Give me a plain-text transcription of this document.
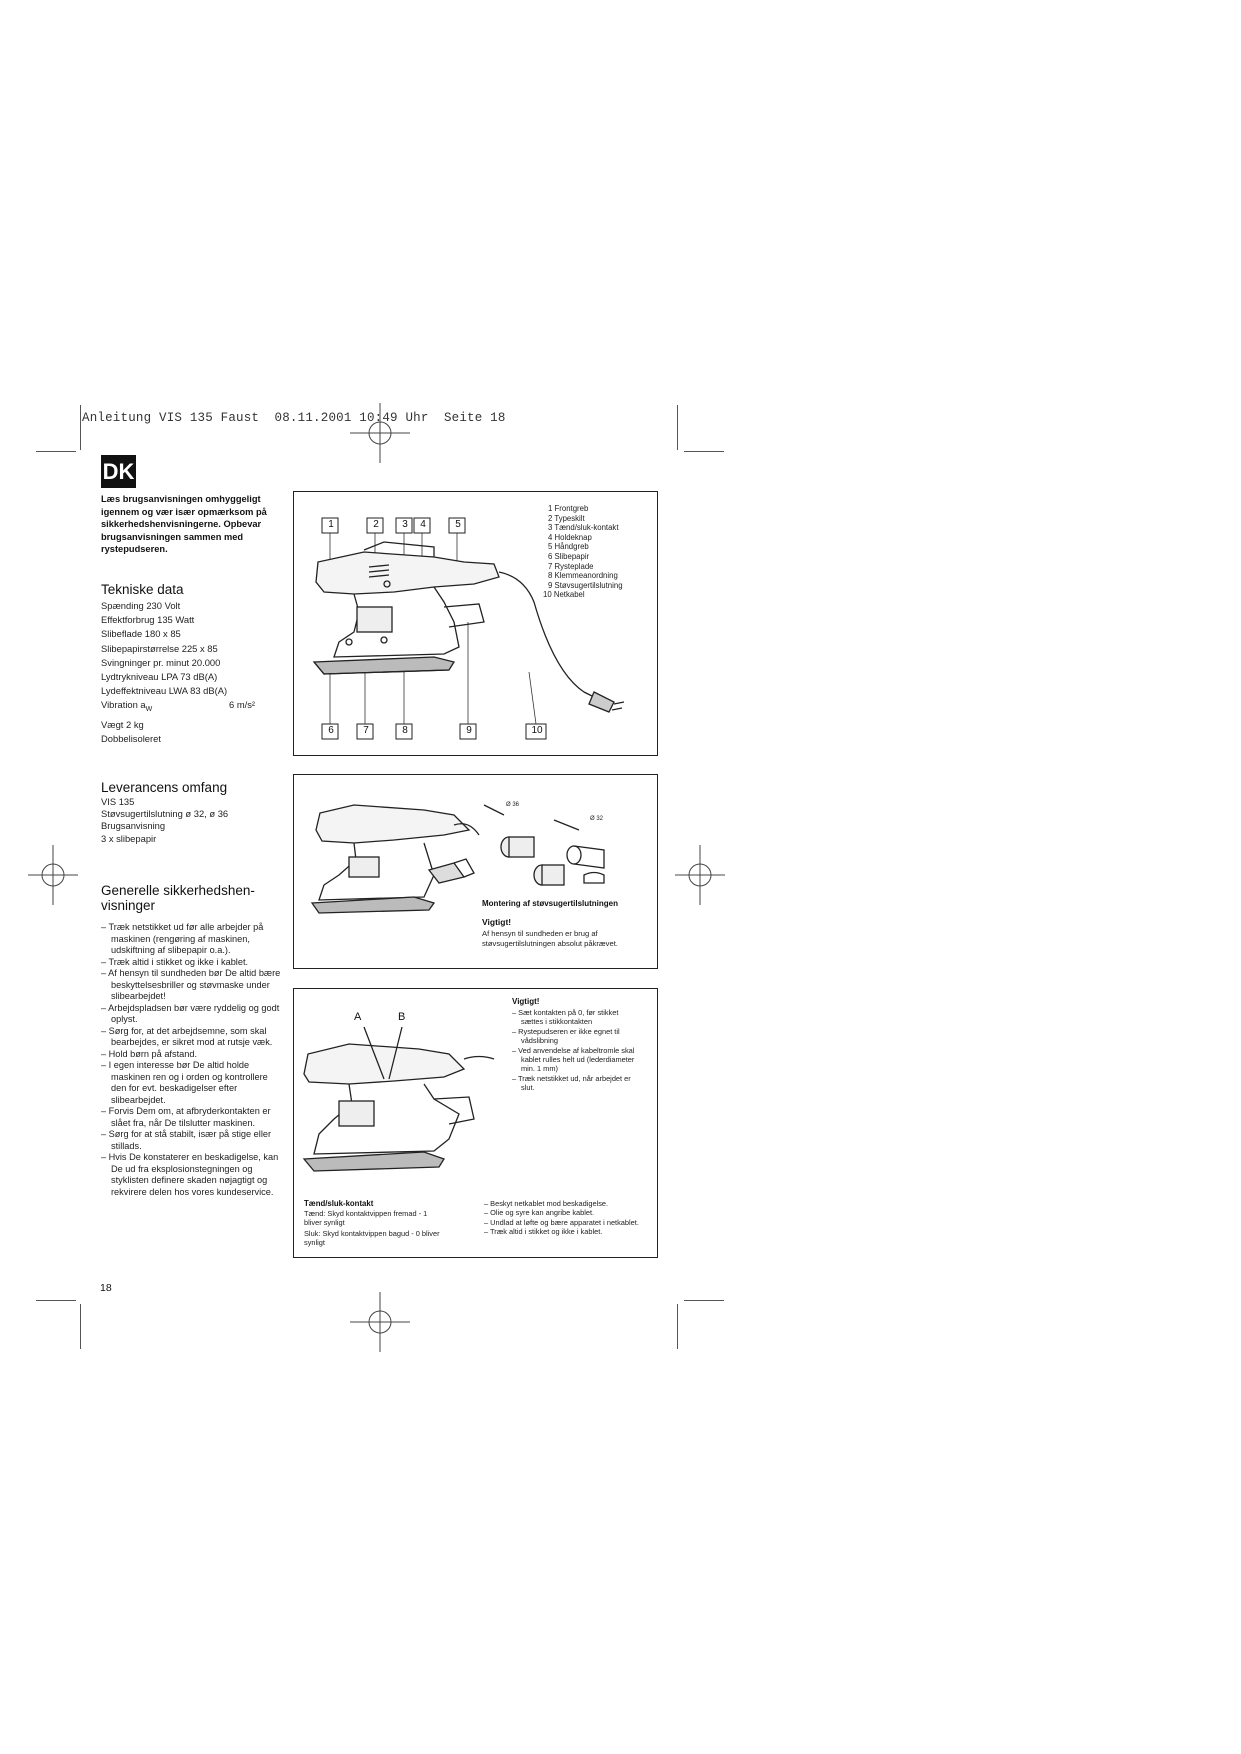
Anleitung VIS 135 Faust  08.11.2001 10:49 Uhr  Seite 18
DK
Læs brugsanvisningen omhyggeligt igennem og vær især opmærksom på sikkerhedshenvisningerne. Opbevar brugsanvisningen sammen med rystepudseren.
Tekniske data
Spænding 230 Volt
Effektforbrug 135 Watt
Slibeflade 180 x 85
Slibepapirstørrelse 225 x 85
Svingninger pr. minut 20.000
Lydtrykniveau LPA 73 dB(A)
Lydeffektniveau LWA 83 dB(A)
Vibration $a_W$	6 m/s²
Vægt 2 kg
Dobbelisoleret
Leverancens omfang
VIS 135
Støvsugertilslutning ø 32, ø 36
Brugsanvisning
3 x slibepapir
Generelle sikkerhedshen-
visninger
– Træk netstikket ud før alle arbejder på maskinen (rengøring af maskinen, udskiftning af slibepapir o.a.).
– Træk altid i stikket og ikke i kablet.
– Af hensyn til sundheden bør De altid bære beskyttelsesbriller og støvmaske under slibearbejdet!
– Arbejdspladsen bør være ryddelig og godt oplyst.
– Sørg for, at det arbejdsemne, som skal bearbejdes, er sikret mod at rutsje væk.
– Hold børn på afstand.
– I egen interesse bør De altid holde maskinen ren og i orden og kontrollere den for evt. beskadigelser efter slibearbejdet.
– Forvis Dem om, at afbryderkontakten er slået fra, når De tilslutter maskinen.
– Sørg for at stå stabilt, især på stige eller stillads.
– Hvis De konstaterer en beskadigelse, kan De ud fra eksplosionstegningen og styklisten definere skaden nøjagtigt og rekvirere delen hos vores kundeservice.
1	2	3	4	5
6	7	8	9	10
1 Frontgreb
2 Typeskilt
3 Tænd/sluk-kontakt
4 Holdeknap
5 Håndgreb
6 Slibepapir
7 Rysteplade
8 Klemmeanordning
9 Støvsugertilslutning
10 Netkabel
Ø 36
Ø 32
Montering af støvsugertilslutningen
Vigtigt!
Af hensyn til sundheden er brug af støvsugertilslutningen absolut påkrævet.
A	B
Vigtigt!
– Sæt kontakten på 0, før stikket sættes i stikkontakten
– Rystepudseren er ikke egnet til vådslibning
– Ved anvendelse af kabeltromle skal kablet rulles helt ud (lederdiameter min. 1 mm)
– Træk netstikket ud, når arbejdet er slut.
Tænd/sluk-kontakt
Tænd: Skyd kontaktvippen fremad - 1 bliver synligt
Sluk: Skyd kontaktvippen bagud - 0 bliver synligt
– Beskyt netkablet mod beskadigelse.
– Olie og syre kan angribe kablet.
– Undlad at løfte og bære apparatet i netkablet.
– Træk altid i stikket og ikke i kablet.
18
